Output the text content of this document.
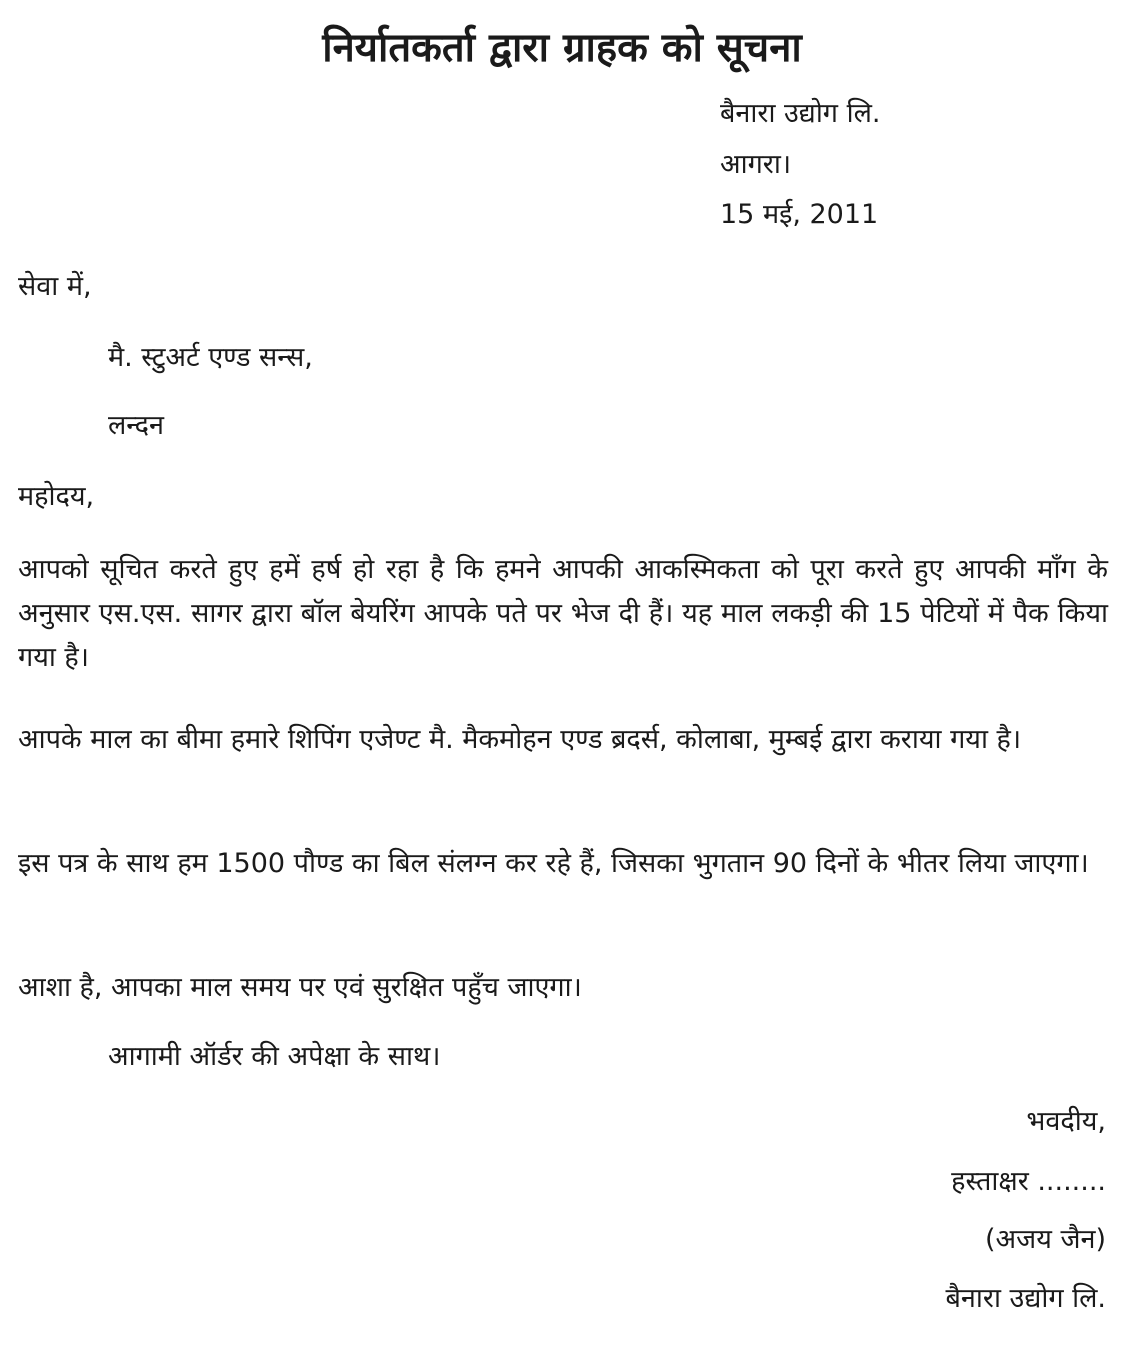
निर्यातकर्ता द्वारा ग्राहक को सूचना
बैनारा उद्योग लि.
आगरा।
15 मई, 2011
सेवा में,
मै. स्टुअर्ट एण्ड सन्स,
लन्दन
महोदय,
आपको सूचित करते हुए हमें हर्ष हो रहा है कि हमने आपकी आकस्मिकता को पूरा करते हुए आपकी माँग के अनुसार एस.एस. सागर द्वारा बॉल बेयरिंग आपके पते पर भेज दी हैं। यह माल लकड़ी की 15 पेटियों में पैक किया गया है।
आपके माल का बीमा हमारे शिपिंग एजेण्ट मै. मैकमोहन एण्ड ब्रदर्स, कोलाबा, मुम्बई द्वारा कराया गया है।
इस पत्र के साथ हम 1500 पौण्ड का बिल संलग्न कर रहे हैं, जिसका भुगतान 90 दिनों के भीतर लिया जाएगा।
आशा है, आपका माल समय पर एवं सुरक्षित पहुँच जाएगा।
आगामी ऑर्डर की अपेक्षा के साथ।
भवदीय,
हस्ताक्षर ........
(अजय जैन)
बैनारा उद्योग लि.
